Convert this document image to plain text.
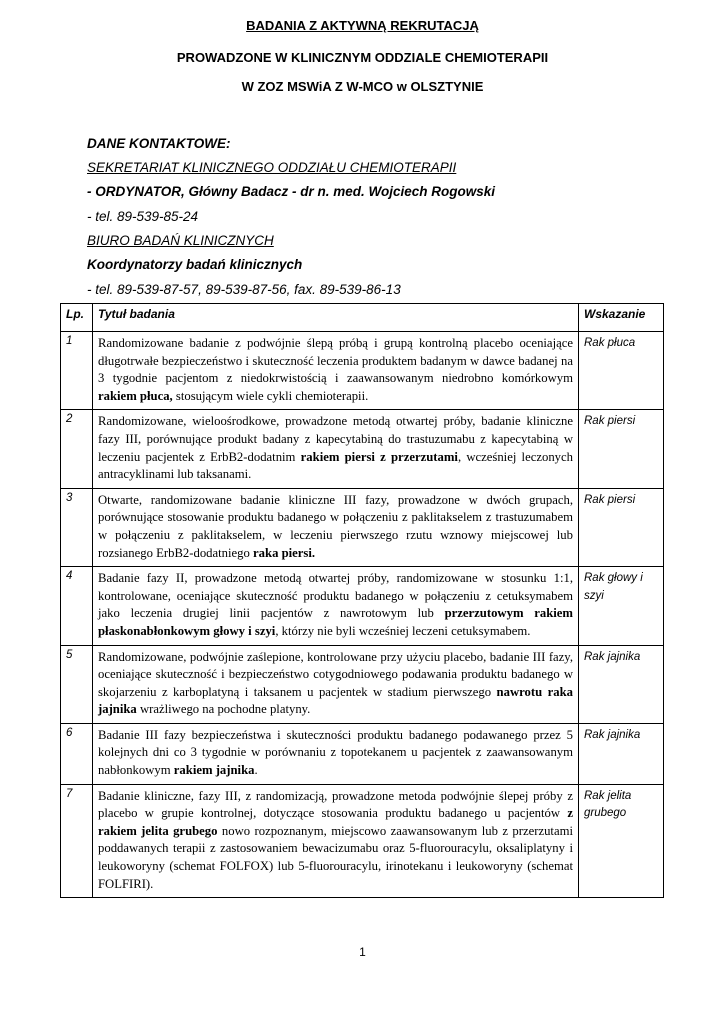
BADANIA Z AKTYWNĄ REKRUTACJĄ
PROWADZONE W KLINICZNYM ODDZIALE CHEMIOTERAPII
W ZOZ MSWiA Z W-MCO w OLSZTYNIE
DANE KONTAKTOWE:
SEKRETARIAT KLINICZNEGO ODDZIAŁU CHEMIOTERAPII
- ORDYNATOR, Główny Badacz - dr n. med. Wojciech Rogowski
- tel. 89-539-85-24
BIURO BADAŃ KLINICZNYCH
Koordynatorzy badań klinicznych
- tel. 89-539-87-57, 89-539-87-56, fax. 89-539-86-13
Lp.	Tytuł badania	Wskazanie
1	Randomizowane badanie z podwójnie ślepą próbą i grupą kontrolną placebo oceniające długotrwałe bezpieczeństwo i skuteczność leczenia produktem badanym w dawce badanej na 3 tygodnie pacjentom z niedokrwistością i zaawansowanym niedrobno komórkowym rakiem płuca, stosującym wiele cykli chemioterapii.	Rak płuca
2	Randomizowane, wieloośrodkowe, prowadzone metodą otwartej próby, badanie kliniczne fazy III, porównujące produkt badany z kapecytabiną do trastuzumabu z kapecytabiną w leczeniu pacjentek z ErbB2-dodatnim rakiem piersi z przerzutami, wcześniej leczonych antracyklinami lub taksanami.	Rak piersi
3	Otwarte, randomizowane badanie kliniczne III fazy, prowadzone w dwóch grupach, porównujące stosowanie produktu badanego w połączeniu z paklitakselem z trastuzumabem w połączeniu z paklitakselem, w leczeniu pierwszego rzutu wznowy miejscowej lub rozsianego ErbB2-dodatniego raka piersi.	Rak piersi
4	Badanie fazy II, prowadzone metodą otwartej próby, randomizowane w stosunku 1:1, kontrolowane, oceniające skuteczność produktu badanego w połączeniu z cetuksymabem jako leczenia drugiej linii pacjentów z nawrotowym lub przerzutowym rakiem płaskonabłonkowym głowy i szyi, którzy nie byli wcześniej leczeni cetuksymabem.	Rak głowy i szyi
5	Randomizowane, podwójnie zaślepione, kontrolowane przy użyciu placebo, badanie III fazy, oceniające skuteczność i bezpieczeństwo cotygodniowego podawania produktu badanego w skojarzeniu z karboplatyną i taksanem u pacjentek w stadium pierwszego nawrotu raka jajnika wrażliwego na pochodne platyny.	Rak jajnika
6	Badanie III fazy bezpieczeństwa i skuteczności produktu badanego podawanego przez 5 kolejnych dni co 3 tygodnie w porównaniu z topotekanem u pacjentek z zaawansowanym nabłonkowym rakiem jajnika.	Rak jajnika
7	Badanie kliniczne, fazy III, z randomizacją, prowadzone metoda podwójnie ślepej próby z placebo w grupie kontrolnej, dotyczące stosowania produktu badanego u pacjentów z rakiem jelita grubego nowo rozpoznanym, miejscowo zaawansowanym lub z przerzutami poddawanych terapii z zastosowaniem bewacizumabu oraz 5-fluorouracylu, oksaliplatyny i leukoworyny (schemat FOLFOX) lub 5-fluorouracylu, irinotekanu i leukoworyny (schemat FOLFIRI).	Rak jelita grubego
1
